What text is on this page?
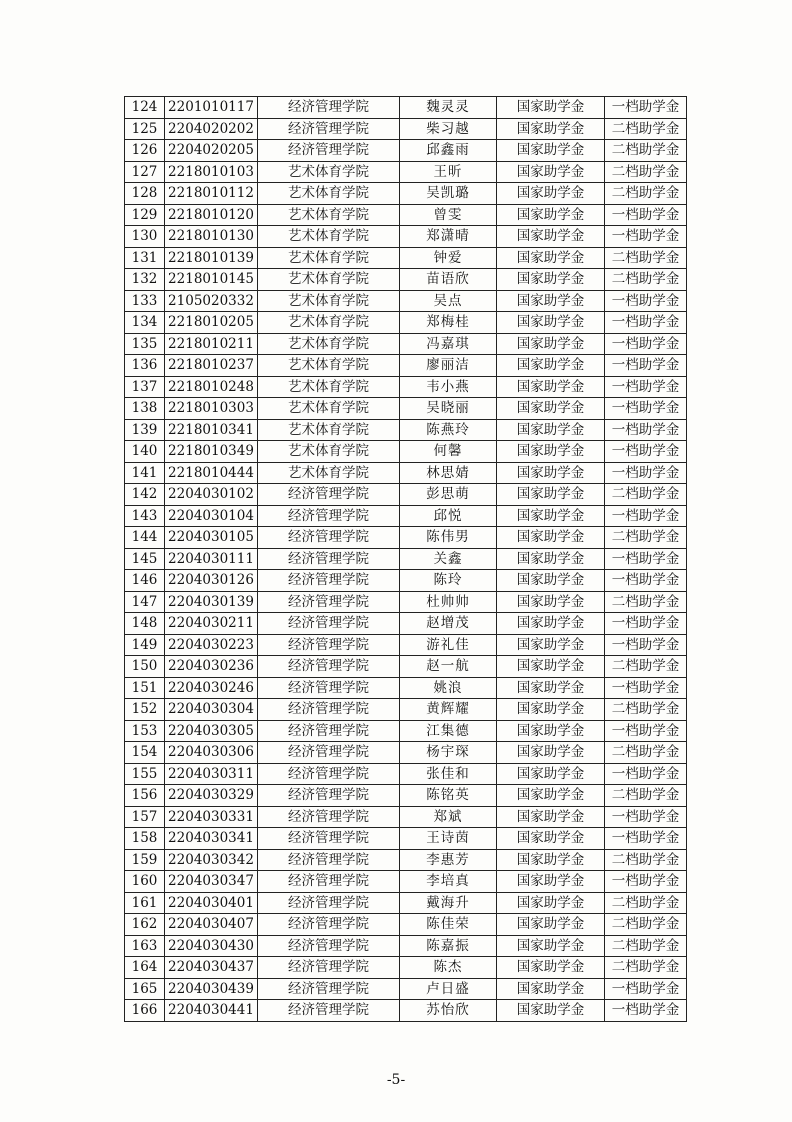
124	2201010117	经济管理学院	魏灵灵	国家助学金	一档助学金
125	2204020202	经济管理学院	柴习越	国家助学金	二档助学金
126	2204020205	经济管理学院	邱鑫雨	国家助学金	二档助学金
127	2218010103	艺术体育学院	王昕	国家助学金	二档助学金
128	2218010112	艺术体育学院	吴凯璐	国家助学金	二档助学金
129	2218010120	艺术体育学院	曾雯	国家助学金	一档助学金
130	2218010130	艺术体育学院	郑潇晴	国家助学金	一档助学金
131	2218010139	艺术体育学院	钟爱	国家助学金	二档助学金
132	2218010145	艺术体育学院	苗语欣	国家助学金	二档助学金
133	2105020332	艺术体育学院	吴点	国家助学金	一档助学金
134	2218010205	艺术体育学院	郑梅桂	国家助学金	一档助学金
135	2218010211	艺术体育学院	冯嘉琪	国家助学金	一档助学金
136	2218010237	艺术体育学院	廖丽洁	国家助学金	一档助学金
137	2218010248	艺术体育学院	韦小燕	国家助学金	一档助学金
138	2218010303	艺术体育学院	吴晓丽	国家助学金	一档助学金
139	2218010341	艺术体育学院	陈燕玲	国家助学金	一档助学金
140	2218010349	艺术体育学院	何馨	国家助学金	一档助学金
141	2218010444	艺术体育学院	林思婧	国家助学金	一档助学金
142	2204030102	经济管理学院	彭思萌	国家助学金	二档助学金
143	2204030104	经济管理学院	邱悦	国家助学金	一档助学金
144	2204030105	经济管理学院	陈伟男	国家助学金	二档助学金
145	2204030111	经济管理学院	关鑫	国家助学金	一档助学金
146	2204030126	经济管理学院	陈玲	国家助学金	一档助学金
147	2204030139	经济管理学院	杜帅帅	国家助学金	二档助学金
148	2204030211	经济管理学院	赵增茂	国家助学金	一档助学金
149	2204030223	经济管理学院	游礼佳	国家助学金	一档助学金
150	2204030236	经济管理学院	赵一航	国家助学金	二档助学金
151	2204030246	经济管理学院	姚浪	国家助学金	一档助学金
152	2204030304	经济管理学院	黄辉耀	国家助学金	二档助学金
153	2204030305	经济管理学院	江集德	国家助学金	一档助学金
154	2204030306	经济管理学院	杨宇琛	国家助学金	二档助学金
155	2204030311	经济管理学院	张佳和	国家助学金	一档助学金
156	2204030329	经济管理学院	陈铭英	国家助学金	二档助学金
157	2204030331	经济管理学院	郑斌	国家助学金	一档助学金
158	2204030341	经济管理学院	王诗茵	国家助学金	一档助学金
159	2204030342	经济管理学院	李惠芳	国家助学金	二档助学金
160	2204030347	经济管理学院	李培真	国家助学金	一档助学金
161	2204030401	经济管理学院	戴海升	国家助学金	二档助学金
162	2204030407	经济管理学院	陈佳荣	国家助学金	二档助学金
163	2204030430	经济管理学院	陈嘉振	国家助学金	二档助学金
164	2204030437	经济管理学院	陈杰	国家助学金	二档助学金
165	2204030439	经济管理学院	卢日盛	国家助学金	一档助学金
166	2204030441	经济管理学院	苏怡欣	国家助学金	一档助学金
-5-
